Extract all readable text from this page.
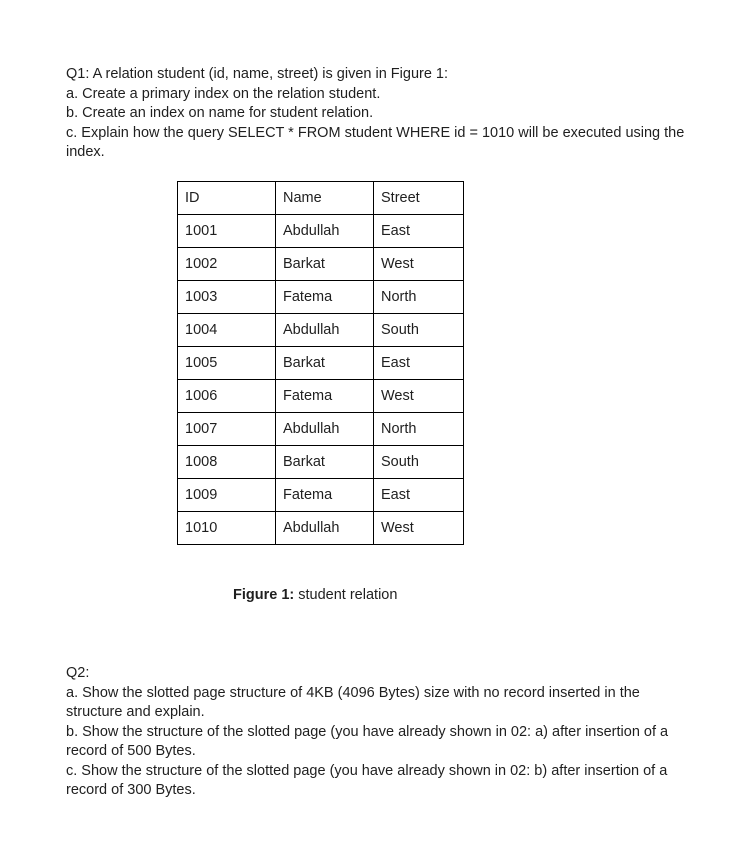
Q1: A relation student (id, name, street) is given in Figure 1:
a. Create a primary index on the relation student.
b. Create an index on name for student relation.
c. Explain how the query SELECT * FROM student WHERE id = 1010 will be executed using the index.
ID	Name	Street
1001	Abdullah	East
1002	Barkat	West
1003	Fatema	North
1004	Abdullah	South
1005	Barkat	East
1006	Fatema	West
1007	Abdullah	North
1008	Barkat	South
1009	Fatema	East
1010	Abdullah	West
Figure 1: student relation
Q2:
a. Show the slotted page structure of 4KB (4096 Bytes) size with no record inserted in the structure and explain.
b. Show the structure of the slotted page (you have already shown in 02: a) after insertion of a record of 500 Bytes.
c. Show the structure of the slotted page (you have already shown in 02: b) after insertion of a record of 300 Bytes.
